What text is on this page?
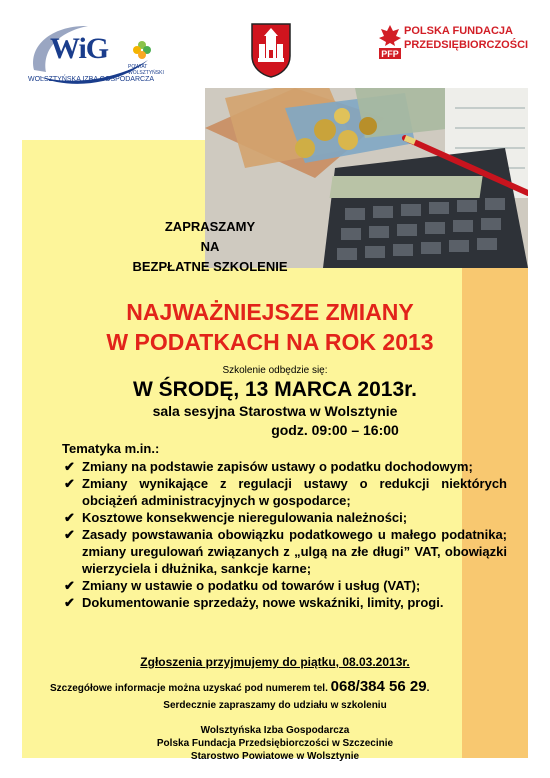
WiG
POWIAT WOLSZTYŃSKI
WOLSZTYŃSKA IZBA GOSPODARCZA
PFP
POLSKA FUNDACJA
PRZEDSIĘBIORCZOŚCI
ZAPRASZAMY
NA
BEZPŁATNE SZKOLENIE
NAJWAŻNIEJSZE ZMIANY
W PODATKACH NA ROK 2013
Szkolenie odbędzie się:
W ŚRODĘ, 13 MARCA 2013r.
sala sesyjna Starostwa w Wolsztynie
godz. 09:00 – 16:00
Tematyka m.in.:
✔ Zmiany na podstawie zapisów ustawy o podatku dochodowym;
✔ Zmiany wynikające z regulacji ustawy o redukcji niektórych obciążeń administracyjnych w gospodarce;
✔ Kosztowe konsekwencje nieregulowania należności;
✔ Zasady powstawania obowiązku podatkowego u małego podatnika; zmiany uregulowań związanych z „ulgą na złe długi” VAT, obowiązki wierzyciela i dłużnika, sankcje karne;
✔ Zmiany w ustawie o podatku od towarów i usług (VAT);
✔ Dokumentowanie sprzedaży, nowe wskaźniki, limity, progi.
Zgłoszenia przyjmujemy do piątku, 08.03.2013r.
Szczegółowe informacje można uzyskać pod numerem tel. 068/384 56 29.
Serdecznie zapraszamy do udziału w szkoleniu
Wolsztyńska Izba Gospodarcza
Polska Fundacja Przedsiębiorczości w Szczecinie
Starostwo Powiatowe w Wolsztynie
